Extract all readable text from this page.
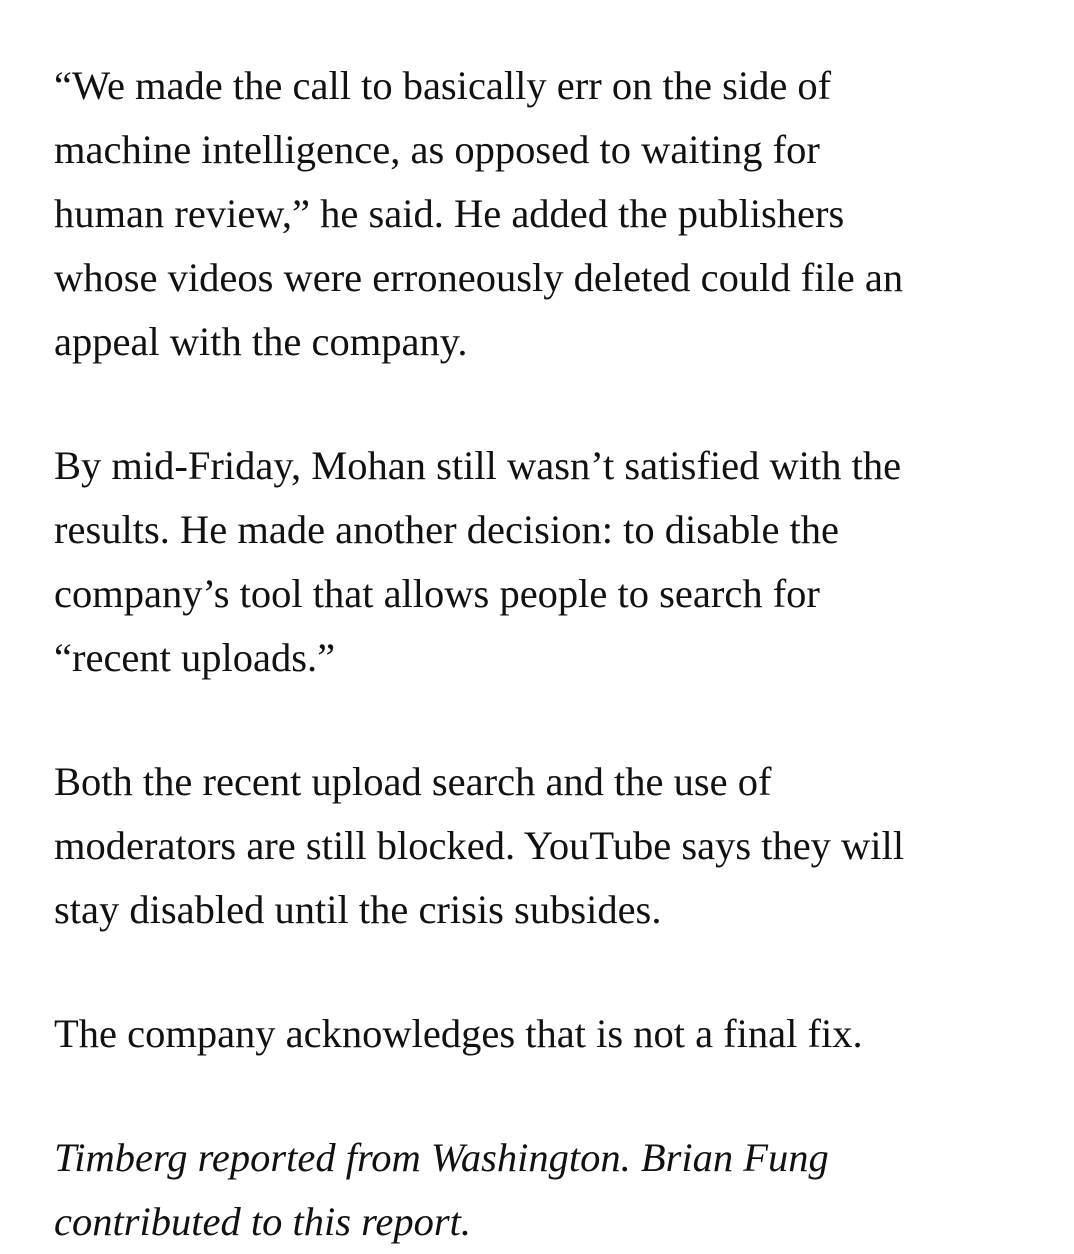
“We made the call to basically err on the side of
machine intelligence, as opposed to waiting for
human review,” he said. He added the publishers
whose videos were erroneously deleted could file an
appeal with the company.

By mid-Friday, Mohan still wasn’t satisfied with the
results. He made another decision: to disable the
company’s tool that allows people to search for
“recent uploads.”

Both the recent upload search and the use of
moderators are still blocked. YouTube says they will
stay disabled until the crisis subsides.

The company acknowledges that is not a final fix.

Timberg reported from Washington. Brian Fung
contributed to this report.
